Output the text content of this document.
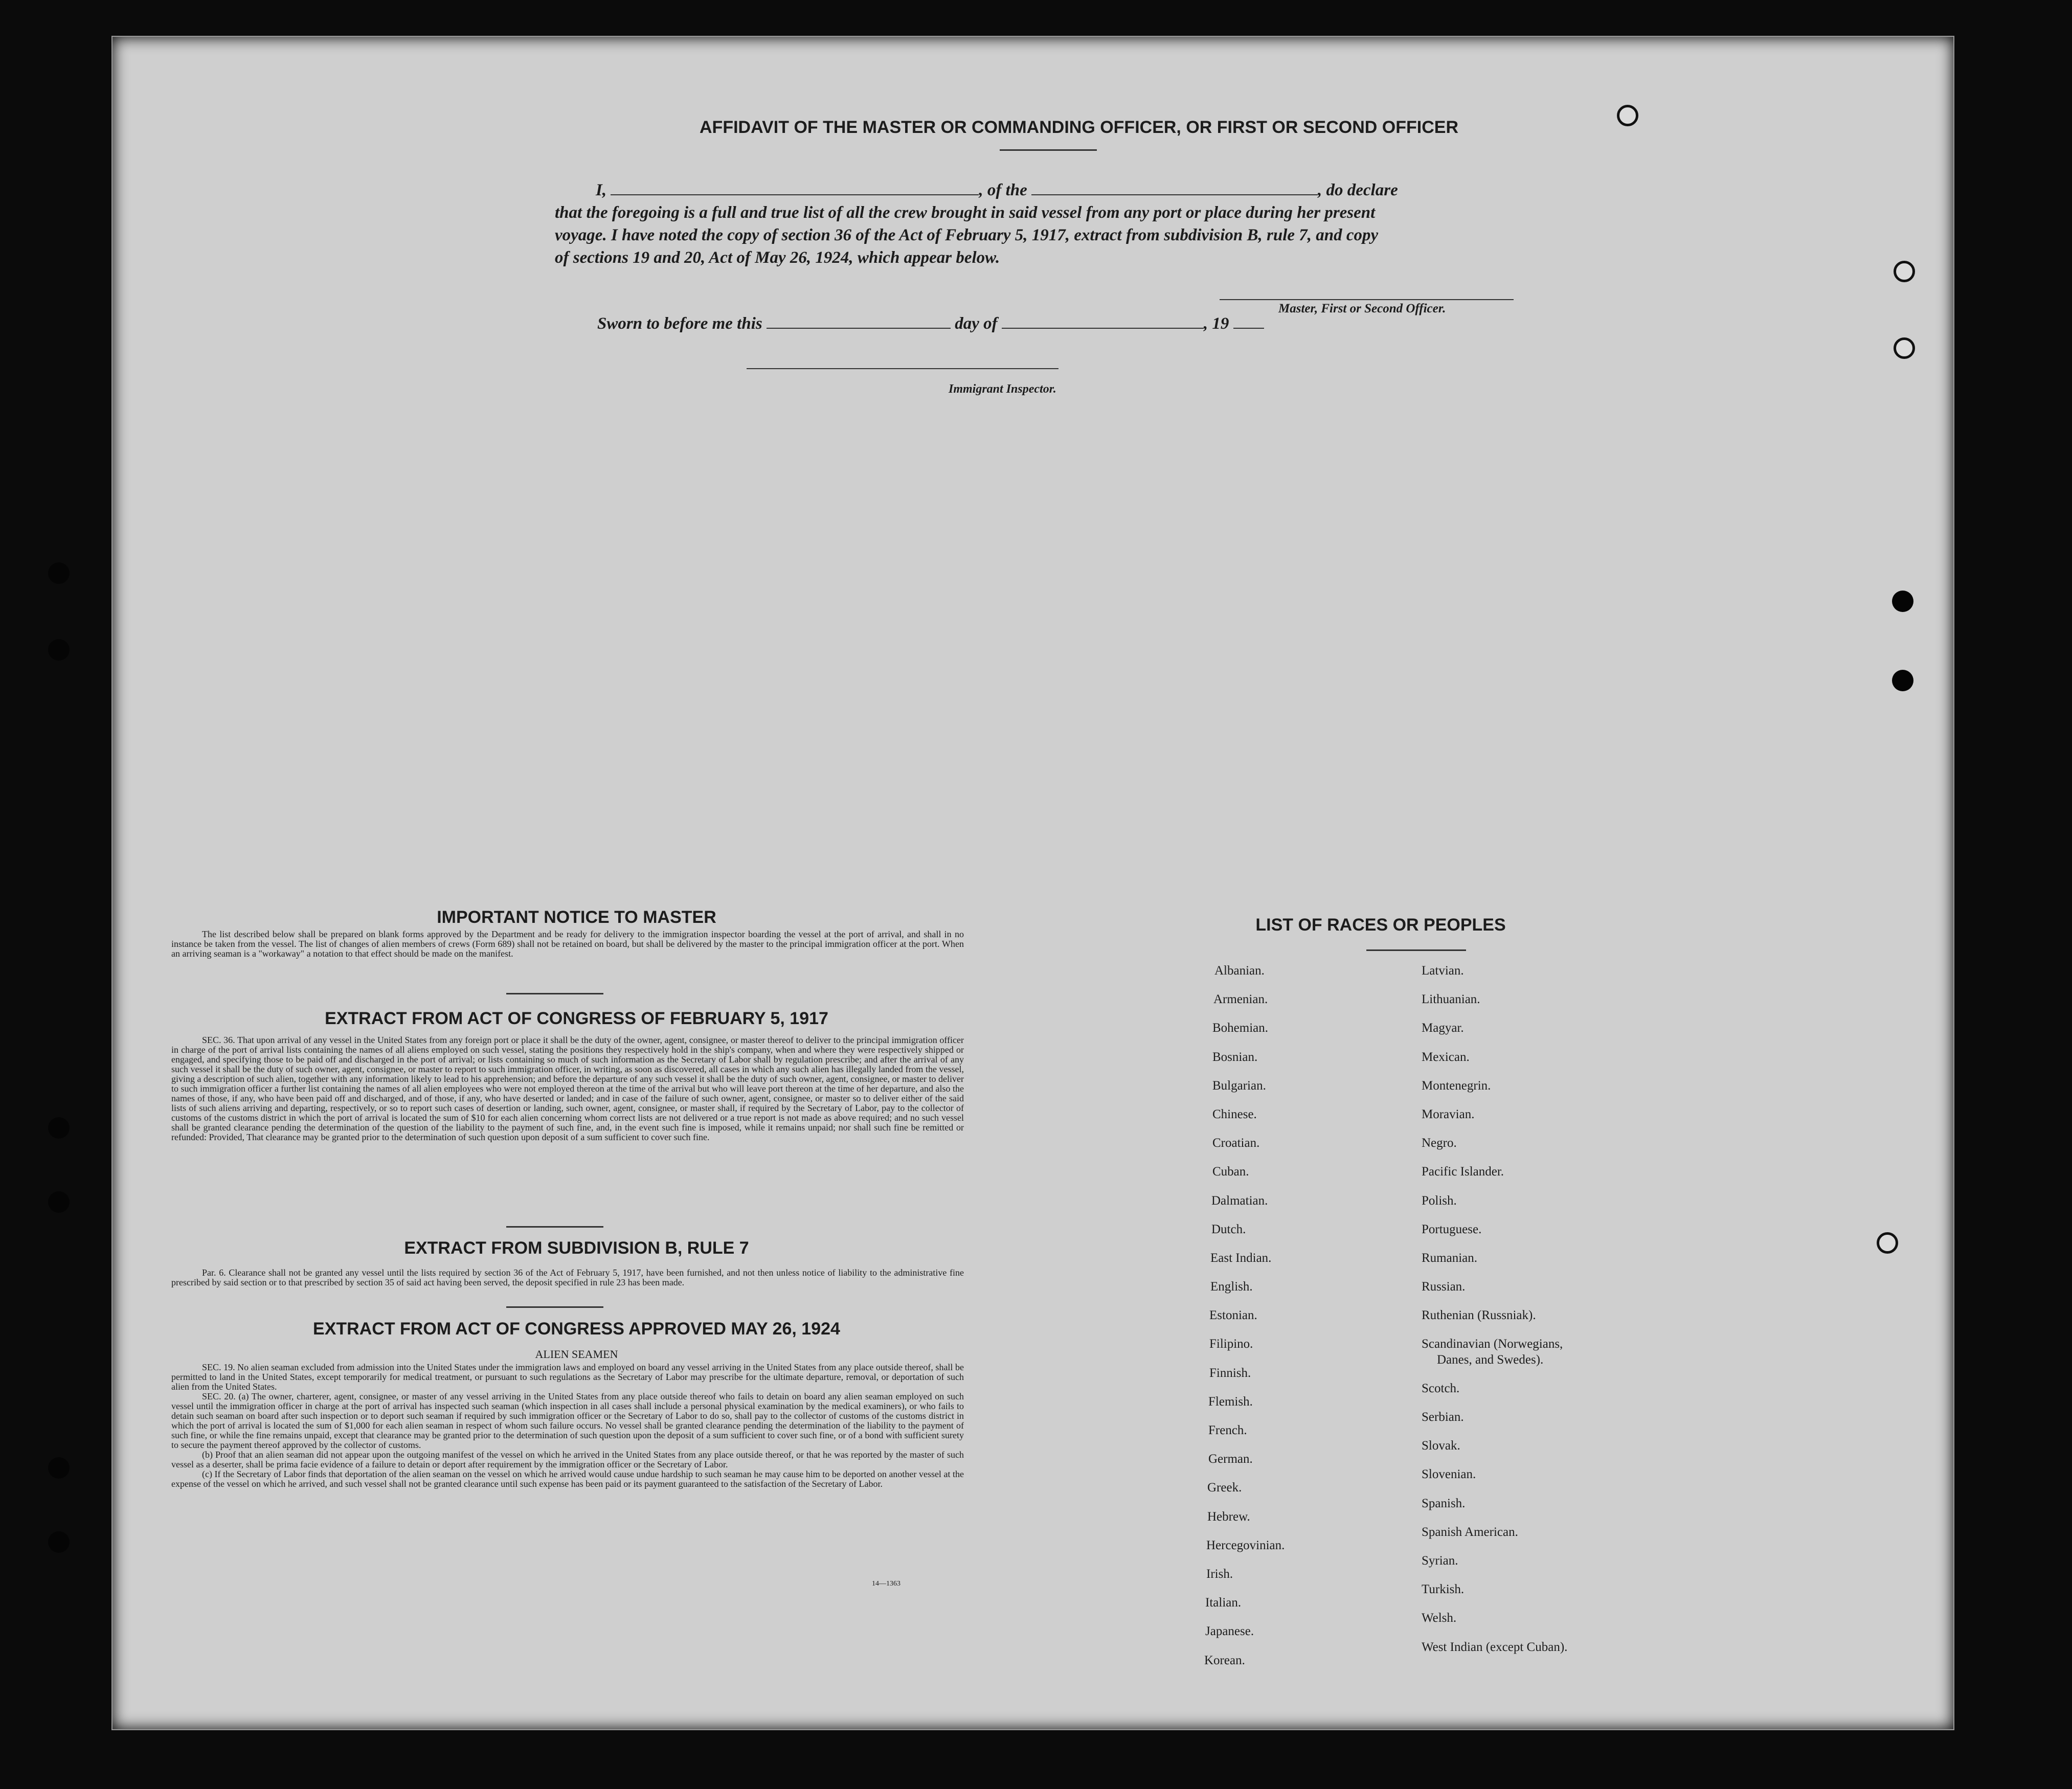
AFFIDAVIT OF THE MASTER OR COMMANDING OFFICER, OR FIRST OR SECOND OFFICER
I,	, of the	, do declare
that the foregoing is a full and true list of all the crew brought in said vessel from any port or place during her present
voyage. I have noted the copy of section 36 of the Act of February 5, 1917, extract from subdivision B, rule 7, and copy
of sections 19 and 20, Act of May 26, 1924, which appear below.
Master, First or Second Officer.
Sworn to before me this	day of	, 19
Immigrant Inspector.
IMPORTANT NOTICE TO MASTER
The list described below shall be prepared on blank forms approved by the Department and be ready for delivery to the immigration inspector boarding the vessel at the port of arrival, and shall in no instance be taken from the vessel. The list of changes of alien members of crews (Form 689) shall not be retained on board, but shall be delivered by the master to the principal immigration officer at the port. When an arriving seaman is a "workaway" a notation to that effect should be made on the manifest.
EXTRACT FROM ACT OF CONGRESS OF FEBRUARY 5, 1917
SEC. 36. That upon arrival of any vessel in the United States from any foreign port or place it shall be the duty of the owner, agent, consignee, or master thereof to deliver to the principal immigration officer in charge of the port of arrival lists containing the names of all aliens employed on such vessel, stating the positions they respectively hold in the ship's company, when and where they were respectively shipped or engaged, and specifying those to be paid off and discharged in the port of arrival; or lists containing so much of such information as the Secretary of Labor shall by regulation prescribe; and after the arrival of any such vessel it shall be the duty of such owner, agent, consignee, or master to report to such immigration officer, in writing, as soon as discovered, all cases in which any such alien has illegally landed from the vessel, giving a description of such alien, together with any information likely to lead to his apprehension; and before the departure of any such vessel it shall be the duty of such owner, agent, consignee, or master to deliver to such immigration officer a further list containing the names of all alien employees who were not employed thereon at the time of the arrival but who will leave port thereon at the time of her departure, and also the names of those, if any, who have been paid off and discharged, and of those, if any, who have deserted or landed; and in case of the failure of such owner, agent, consignee, or master so to deliver either of the said lists of such aliens arriving and departing, respectively, or so to report such cases of desertion or landing, such owner, agent, consignee, or master shall, if required by the Secretary of Labor, pay to the collector of customs of the customs district in which the port of arrival is located the sum of $10 for each alien concerning whom correct lists are not delivered or a true report is not made as above required; and no such vessel shall be granted clearance pending the determination of the question of the liability to the payment of such fine, and, in the event such fine is imposed, while it remains unpaid; nor shall such fine be remitted or refunded: Provided, That clearance may be granted prior to the determination of such question upon deposit of a sum sufficient to cover such fine.
EXTRACT FROM SUBDIVISION B, RULE 7
Par. 6. Clearance shall not be granted any vessel until the lists required by section 36 of the Act of February 5, 1917, have been furnished, and not then unless notice of liability to the administrative fine prescribed by said section or to that prescribed by section 35 of said act having been served, the deposit specified in rule 23 has been made.
EXTRACT FROM ACT OF CONGRESS APPROVED MAY 26, 1924
ALIEN SEAMEN
SEC. 19. No alien seaman excluded from admission into the United States under the immigration laws and employed on board any vessel arriving in the United States from any place outside thereof, shall be permitted to land in the United States, except temporarily for medical treatment, or pursuant to such regulations as the Secretary of Labor may prescribe for the ultimate departure, removal, or deportation of such alien from the United States.
SEC. 20. (a) The owner, charterer, agent, consignee, or master of any vessel arriving in the United States from any place outside thereof who fails to detain on board any alien seaman employed on such vessel until the immigration officer in charge at the port of arrival has inspected such seaman (which inspection in all cases shall include a personal physical examination by the medical examiners), or who fails to detain such seaman on board after such inspection or to deport such seaman if required by such immigration officer or the Secretary of Labor to do so, shall pay to the collector of customs of the customs district in which the port of arrival is located the sum of $1,000 for each alien seaman in respect of whom such failure occurs. No vessel shall be granted clearance pending the determination of the liability to the payment of such fine, or while the fine remains unpaid, except that clearance may be granted prior to the determination of such question upon the deposit of a sum sufficient to cover such fine, or of a bond with sufficient surety to secure the payment thereof approved by the collector of customs.
(b) Proof that an alien seaman did not appear upon the outgoing manifest of the vessel on which he arrived in the United States from any place outside thereof, or that he was reported by the master of such vessel as a deserter, shall be prima facie evidence of a failure to detain or deport after requirement by the immigration officer or the Secretary of Labor.
(c) If the Secretary of Labor finds that deportation of the alien seaman on the vessel on which he arrived would cause undue hardship to such seaman he may cause him to be deported on another vessel at the expense of the vessel on which he arrived, and such vessel shall not be granted clearance until such expense has been paid or its payment guaranteed to the satisfaction of the Secretary of Labor.
14—1363
LIST OF RACES OR PEOPLES
Albanian.
Armenian.
Bohemian.
Bosnian.
Bulgarian.
Chinese.
Croatian.
Cuban.
Dalmatian.
Dutch.
East Indian.
English.
Estonian.
Filipino.
Finnish.
Flemish.
French.
German.
Greek.
Hebrew.
Hercegovinian.
Irish.
Italian.
Japanese.
Korean.
Latvian.
Lithuanian.
Magyar.
Mexican.
Montenegrin.
Moravian.
Negro.
Pacific Islander.
Polish.
Portuguese.
Rumanian.
Russian.
Ruthenian (Russniak).
Scandinavian (Norwegians,
Danes, and Swedes).
Scotch.
Serbian.
Slovak.
Slovenian.
Spanish.
Spanish American.
Syrian.
Turkish.
Welsh.
West Indian (except Cuban).
